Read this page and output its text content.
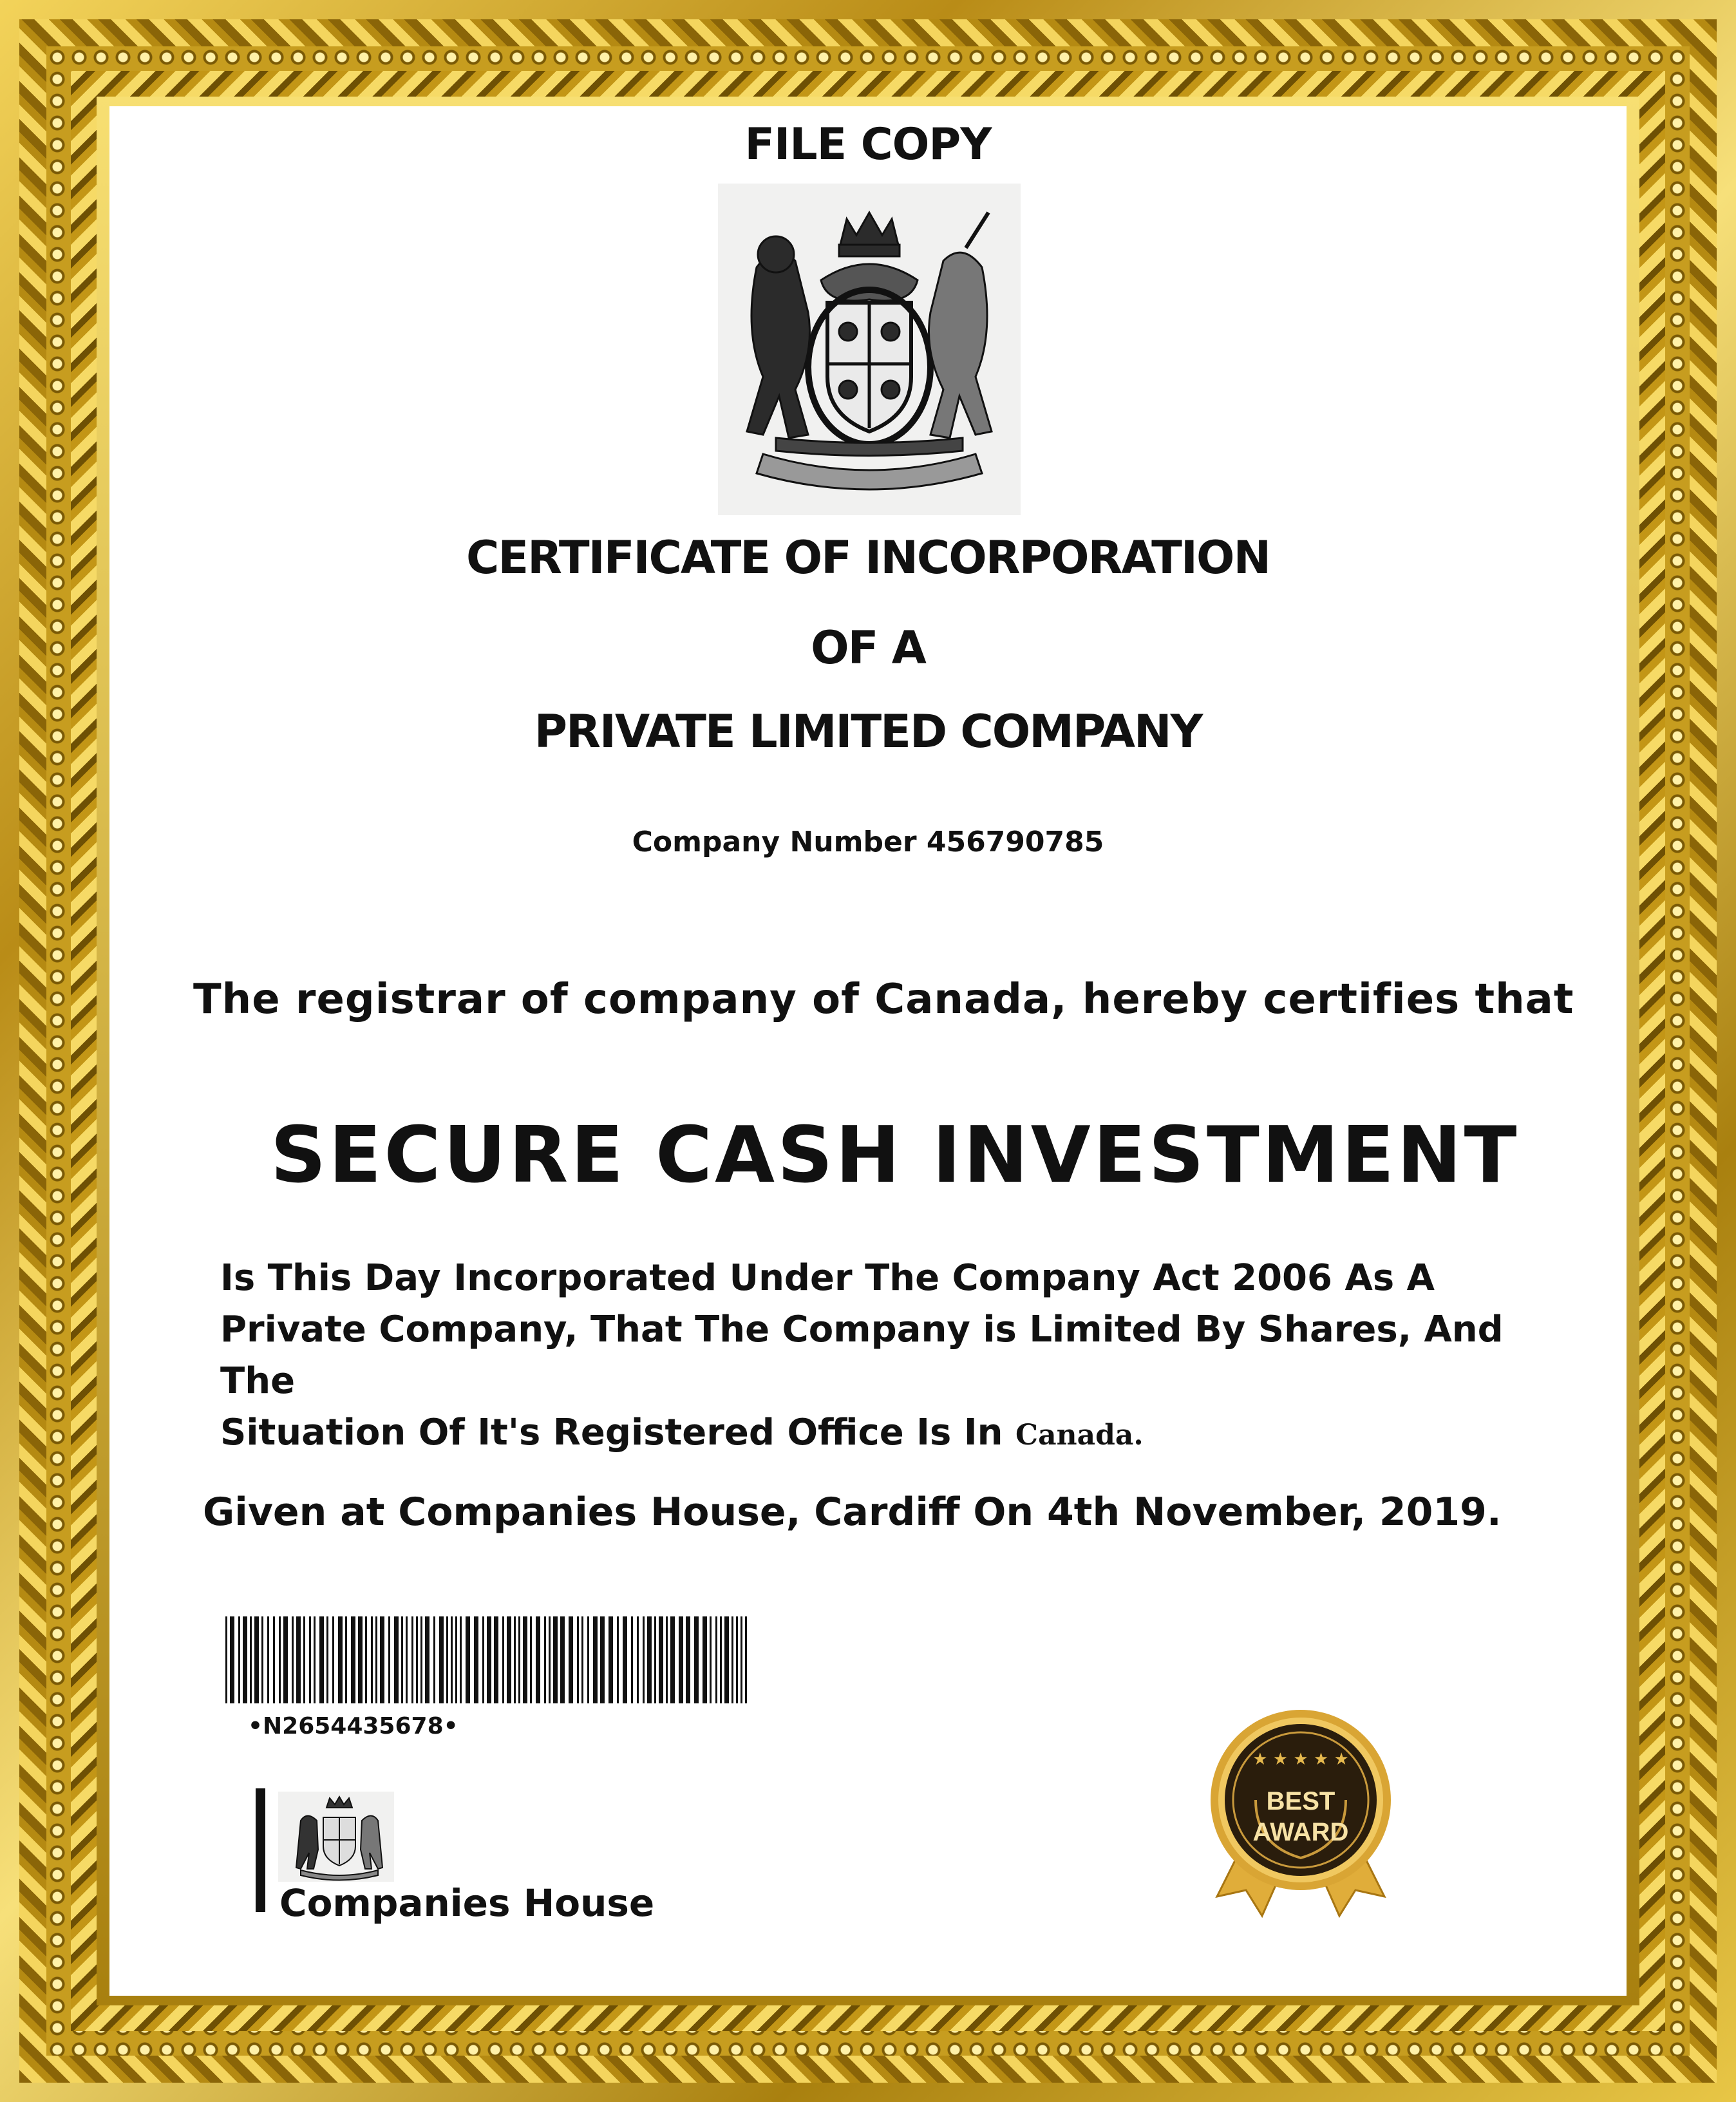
FILE COPY
CERTIFICATE OF INCORPORATION
OF A
PRIVATE LIMITED COMPANY
Company Number 456790785
The registrar of company of Canada, hereby certifies that
SECURE CASH INVESTMENT
Is This Day Incorporated Under The Company Act 2006 As A
Private Company, That The Company is Limited By Shares, And The
Situation Of It's Registered Office Is In Canada.
Given at Companies House, Cardiff On 4th November, 2019.
•N2654435678•
Companies House
★ ★ ★ ★ ★
BEST
AWARD
